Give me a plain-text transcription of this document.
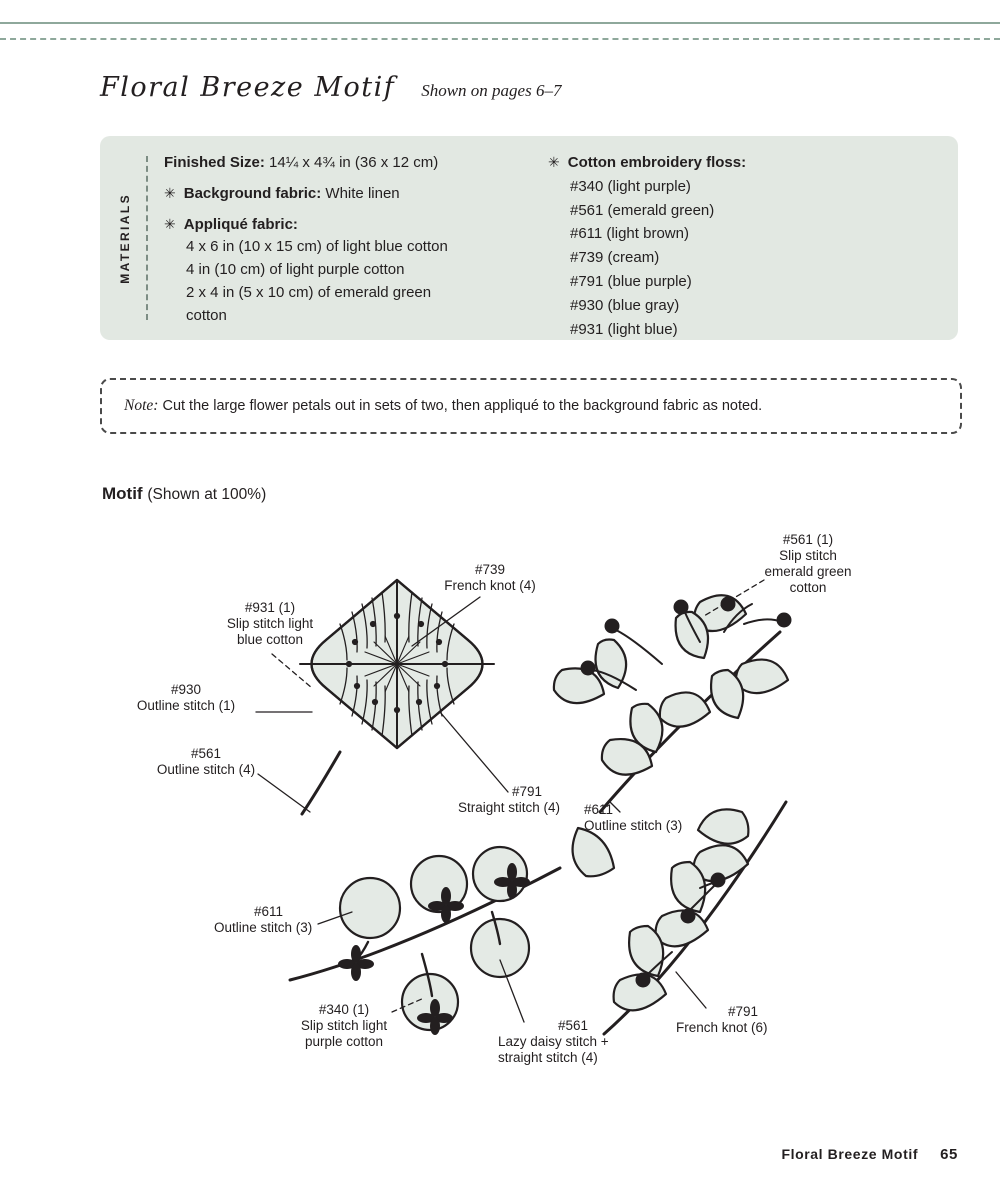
Floral Breeze Motif Shown on pages 6–7
MATERIALS
Finished Size: 14¼ x 4¾ in (36 x 12 cm)
✳ Background fabric: White linen
✳ Appliqué fabric:
4 x 6 in (10 x 15 cm) of light blue cotton
4 in (10 cm) of light purple cotton
2 x 4 in (5 x 10 cm) of emerald green
cotton
✳ Cotton embroidery floss:
#340 (light purple)
#561 (emerald green)
#611 (light brown)
#739 (cream)
#791 (blue purple)
#930 (blue gray)
#931 (light blue)
Note: Cut the large flower petals out in sets of two, then appliqué to the background fabric as noted.
Motif (Shown at 100%)
#739
French knot (4)
#931 (1)
Slip stitch light
blue cotton
#930
Outline stitch (1)
#561
Outline stitch (4)
#791
Straight stitch (4)
#561 (1)
Slip stitch
emerald green
cotton
#611
Outline stitch (3)
#611
Outline stitch (3)
#340 (1)
Slip stitch light
purple cotton
#561
Lazy daisy stitch +
straight stitch (4)
#791
French knot (6)
Floral Breeze Motif 65
